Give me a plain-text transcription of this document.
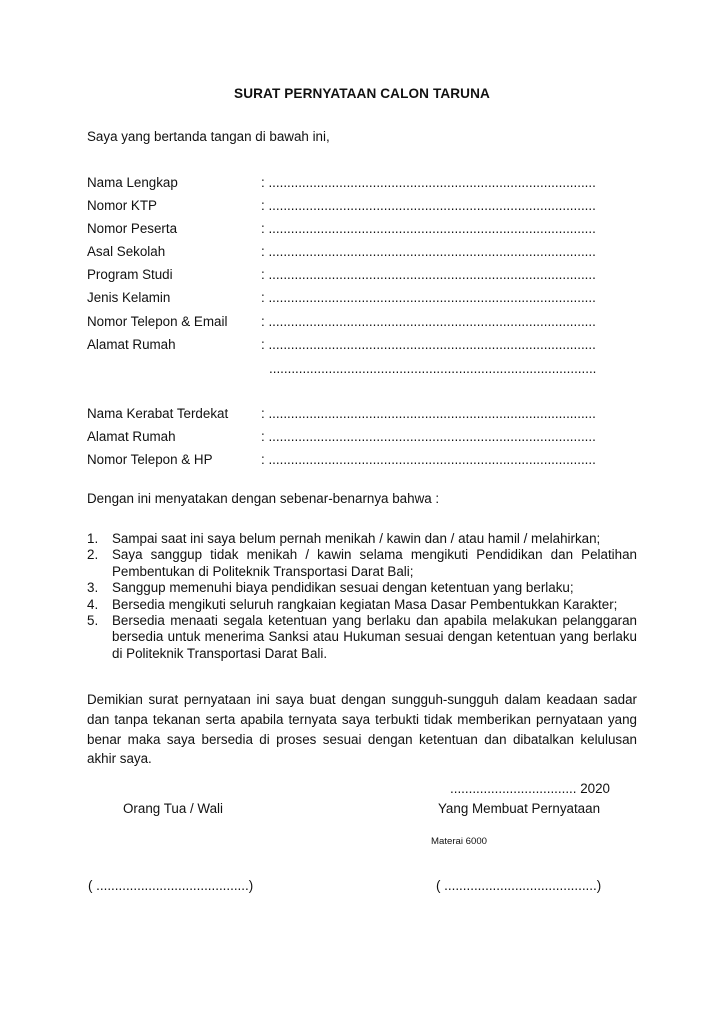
SURAT PERNYATAAN CALON TARUNA
Saya yang bertanda tangan di bawah ini,
Nama Lengkap	: ........................................................................................
Nomor KTP	: ........................................................................................
Nomor Peserta	: ........................................................................................
Asal Sekolah	: ........................................................................................
Program Studi	: ........................................................................................
Jenis Kelamin	: ........................................................................................
Nomor Telepon & Email	: ........................................................................................
Alamat Rumah	: ........................................................................................
........................................................................................
Nama Kerabat Terdekat : ........................................................................................
Alamat Rumah	: ........................................................................................
Nomor Telepon & HP	: ........................................................................................
Dengan ini menyatakan dengan sebenar-benarnya bahwa :

1. Sampai saat ini saya belum pernah menikah / kawin dan / atau hamil / melahirkan;

2. Saya sanggup tidak menikah / kawin selama mengikuti Pendidikan dan Pelatihan Pembentukan di Politeknik Transportasi Darat Bali;

3. Sanggup memenuhi biaya pendidikan sesuai dengan ketentuan yang berlaku;

4. Bersedia mengikuti seluruh rangkaian kegiatan Masa Dasar Pembentukkan Karakter;

5. Bersedia menaati segala ketentuan yang berlaku dan apabila melakukan pelanggaran bersedia untuk menerima Sanksi atau Hukuman sesuai dengan ketentuan yang berlaku di Politeknik Transportasi Darat Bali.

Demikian surat pernyataan ini saya buat dengan sungguh-sungguh dalam keadaan sadar dan tanpa tekanan serta apabila ternyata saya terbukti tidak memberikan pernyataan yang benar maka saya bersedia di proses sesuai dengan ketentuan dan dibatalkan kelulusan akhir saya.
.................................. 2020
Orang Tua / Wali	Yang Membuat Pernyataan
Materai 6000
( .........................................)	( .........................................)
